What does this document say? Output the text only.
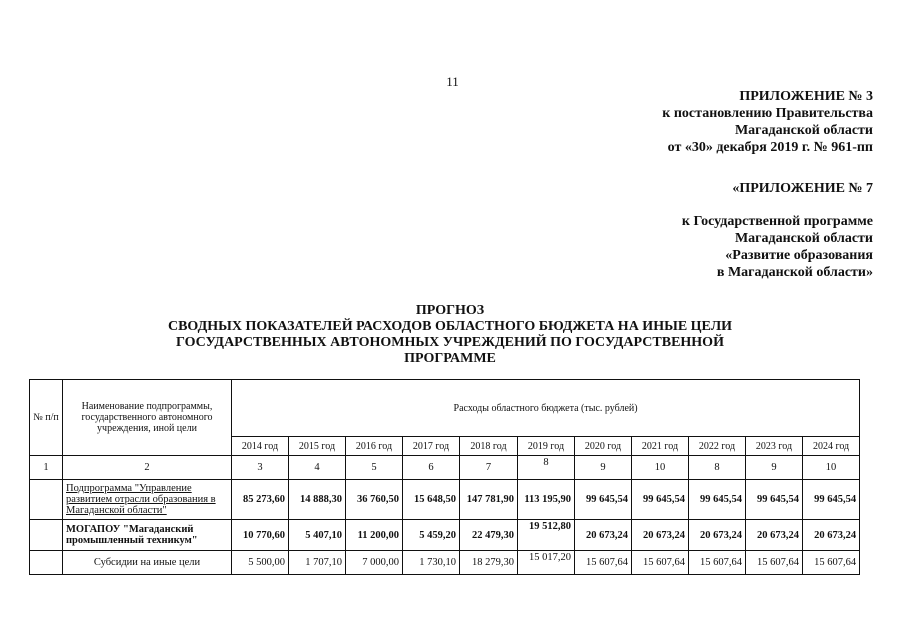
11
ПРИЛОЖЕНИЕ № 3
к постановлению Правительства
Магаданской области
от «30» декабря 2019 г. № 961-пп
«ПРИЛОЖЕНИЕ № 7
к Государственной программе
Магаданской области
«Развитие образования
в Магаданской области»
ПРОГНОЗ
СВОДНЫХ ПОКАЗАТЕЛЕЙ РАСХОДОВ ОБЛАСТНОГО БЮДЖЕТА НА ИНЫЕ ЦЕЛИ
ГОСУДАРСТВЕННЫХ АВТОНОМНЫХ УЧРЕЖДЕНИЙ ПО ГОСУДАРСТВЕННОЙ
ПРОГРАММЕ
№ п/п	Наименование подпрограммы, государственного автономного учреждения, иной цели	Расходы областного бюджета (тыс. рублей)										
		2014 год	2015 год	2016 год	2017 год	2018 год	2019 год	2020 год	2021 год	2022 год	2023 год	2024 год
1	2	3	4	5	6	7	8	9	10	8	9	10
	Подпрограмма "Управление развитием отрасли образования в Магаданской области"	85 273,60	14 888,30	36 760,50	15 648,50	147 781,90	113 195,90	99 645,54	99 645,54	99 645,54	99 645,54	99 645,54
	МОГАПОУ "Магаданский промышленный техникум"	10 770,60	5 407,10	11 200,00	5 459,20	22 479,30	19 512,80	20 673,24	20 673,24	20 673,24	20 673,24	20 673,24
	Субсидии на иные цели	5 500,00	1 707,10	7 000,00	1 730,10	18 279,30	15 017,20	15 607,64	15 607,64	15 607,64	15 607,64	15 607,64
